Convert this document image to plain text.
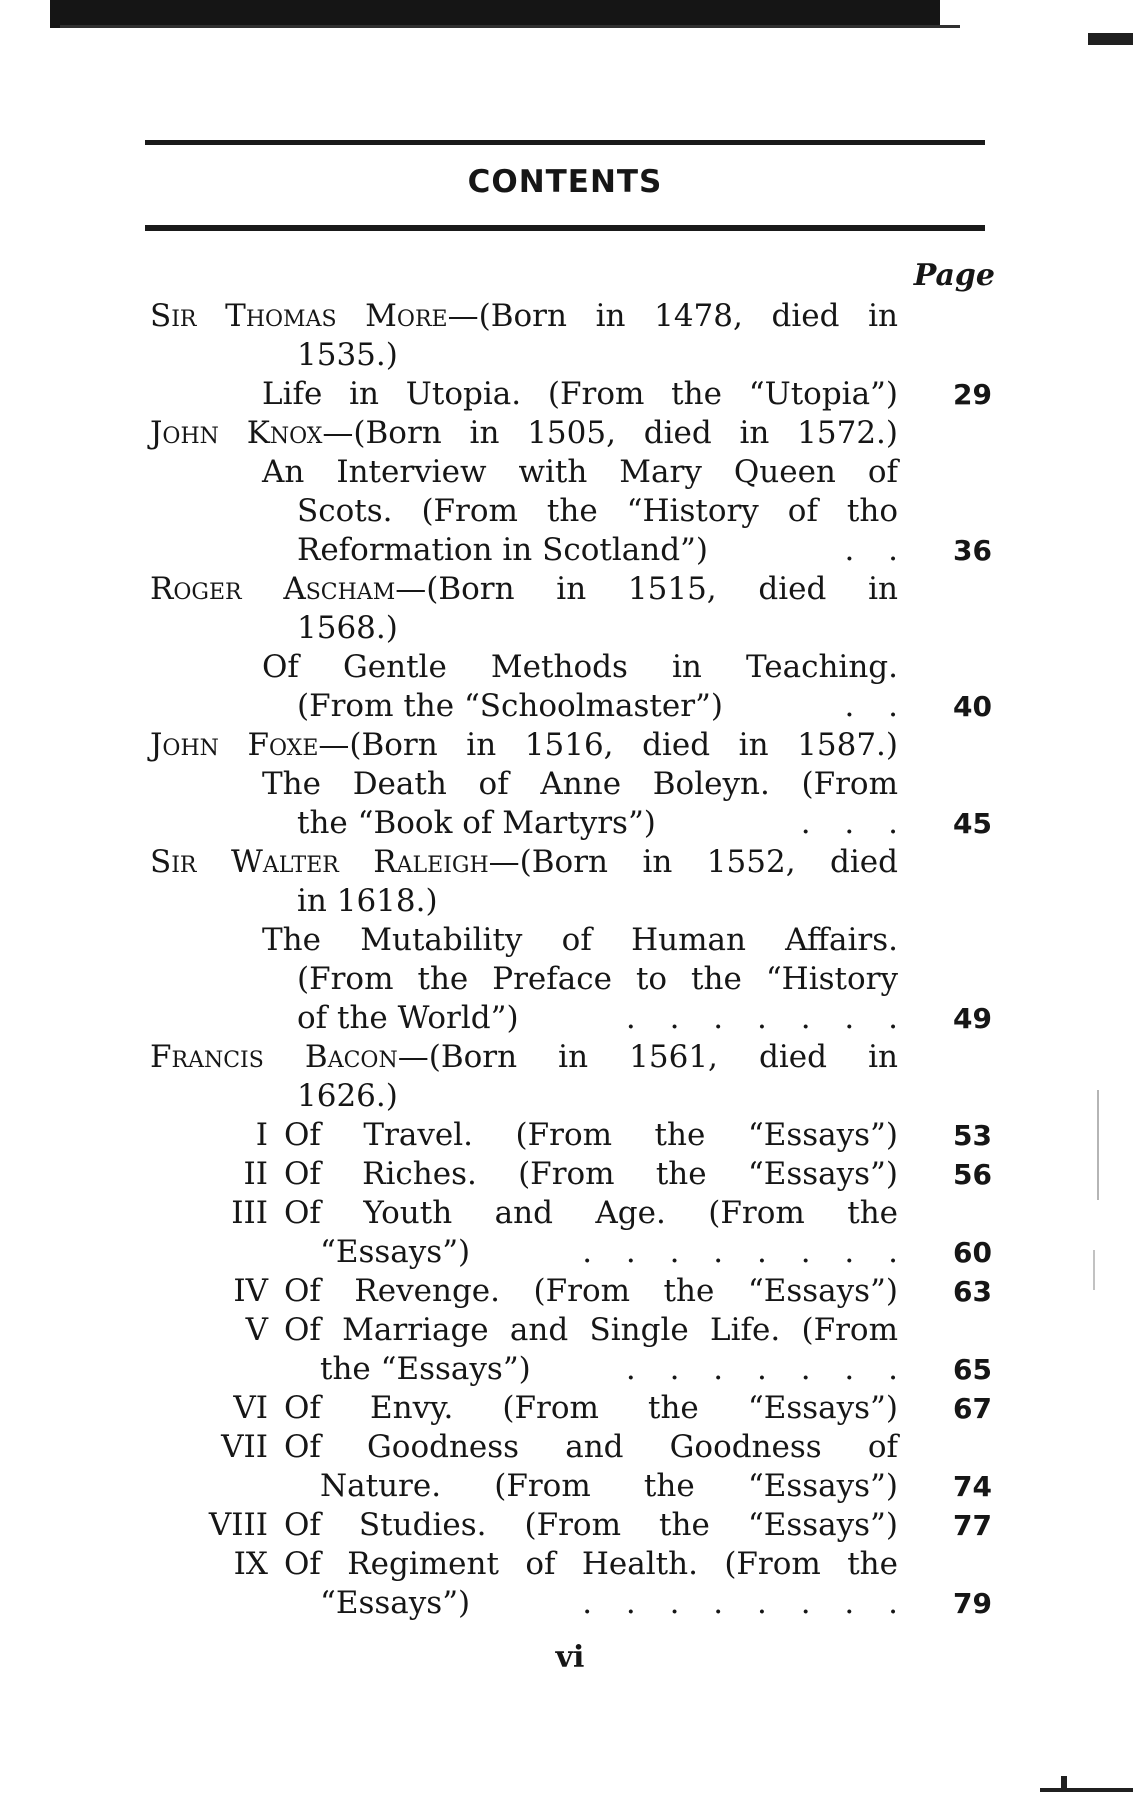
CONTENTS
Page
Sir Thomas More—(Born in 1478, died in
1535.)
Life in Utopia. (From the “Utopia”)	29
John Knox—(Born in 1505, died in 1572.)
An Interview with Mary Queen of
Scots. (From the “History of tho
Reformation in Scotland”)	. .	36
Roger Ascham—(Born in 1515, died in
1568.)
Of Gentle Methods in Teaching.
(From the “Schoolmaster”)	. .	40
John Foxe—(Born in 1516, died in 1587.)
The Death of Anne Boleyn. (From
the “Book of Martyrs”)	. . .	45
Sir Walter Raleigh—(Born in 1552, died
in 1618.)
The Mutability of Human Affairs.
(From the Preface to the “History
of the World”)	. . . . . . .	49
Francis Bacon—(Born in 1561, died in
1626.)
I Of Travel. (From the “Essays”)	53
II Of Riches. (From the “Essays”)	56
III Of Youth and Age. (From the
“Essays”)	. . . . . . . .	60
IV Of Revenge. (From the “Essays”)	63
V Of Marriage and Single Life. (From
the “Essays”)	. . . . . . .	65
VI Of Envy. (From the “Essays”)	67
VII Of Goodness and Goodness of
Nature. (From the “Essays”)	74
VIII Of Studies. (From the “Essays”)	77
IX Of Regiment of Health. (From the
“Essays”)	. . . . . . . .	79
vi
